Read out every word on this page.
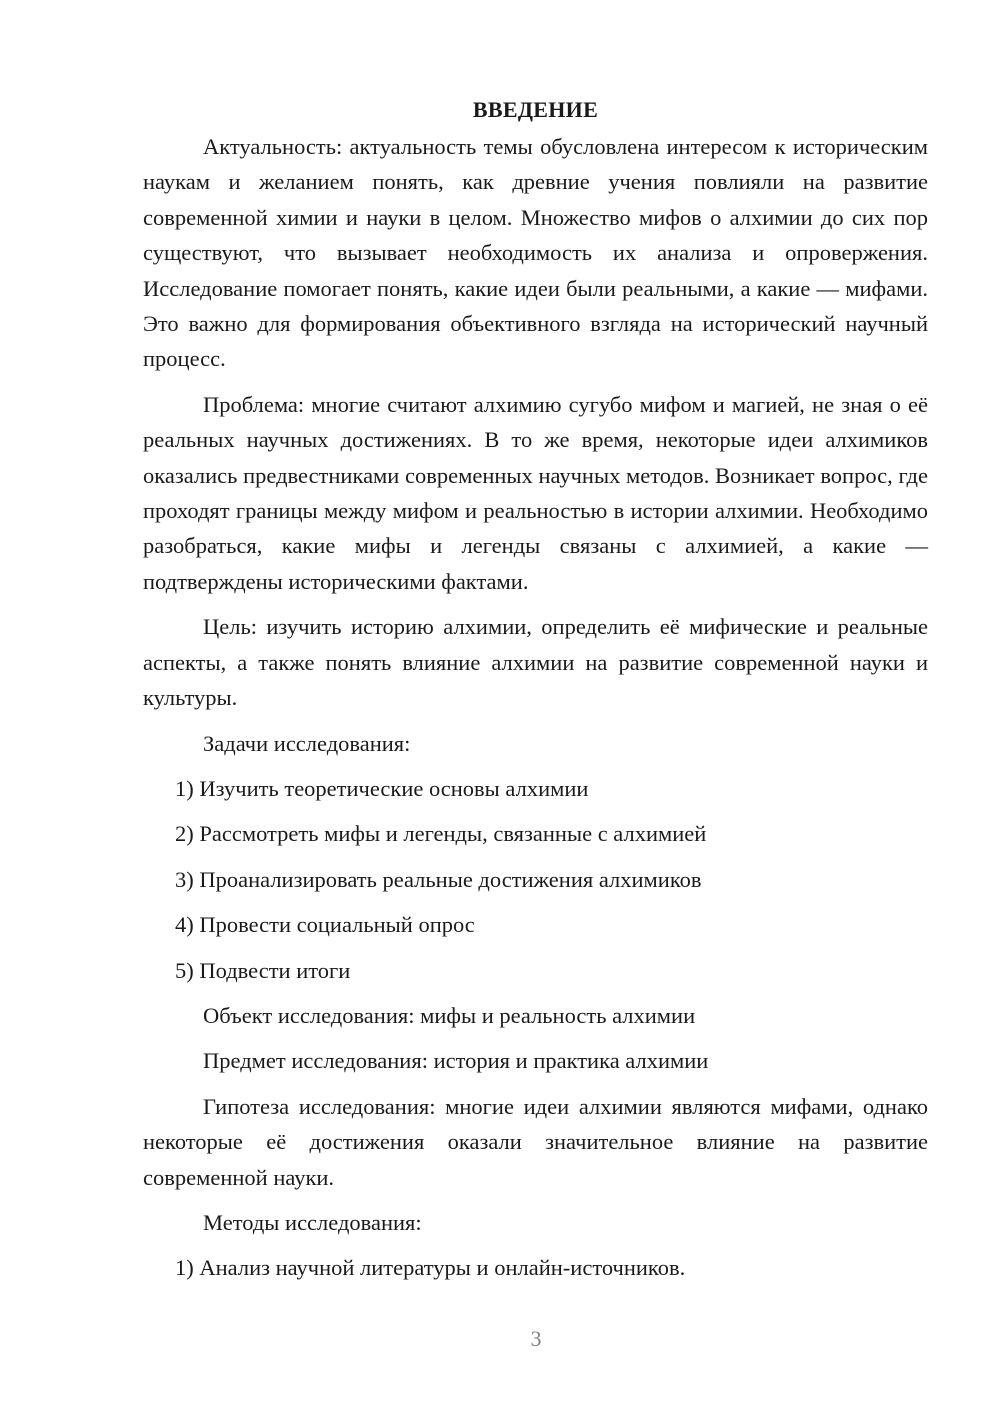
ВВЕДЕНИЕ

Актуальность: актуальность темы обусловлена интересом к историческим наукам и желанием понять, как древние учения повлияли на развитие современной химии и науки в целом. Множество мифов о алхимии до сих пор существуют, что вызывает необходимость их анализа и опровержения. Исследование помогает понять, какие идеи были реальными, а какие — мифами. Это важно для формирования объективного взгляда на исторический научный процесс.

Проблема: многие считают алхимию сугубо мифом и магией, не зная о её реальных научных достижениях. В то же время, некоторые идеи алхимиков оказались предвестниками современных научных методов. Возникает вопрос, где проходят границы между мифом и реальностью в истории алхимии. Необходимо разобраться, какие мифы и легенды связаны с алхимией, а какие — подтверждены историческими фактами.

Цель: изучить историю алхимии, определить её мифические и реальные аспекты, а также понять влияние алхимии на развитие современной науки и культуры.

Задачи исследования:
1) Изучить теоретические основы алхимии
2) Рассмотреть мифы и легенды, связанные с алхимией
3) Проанализировать реальные достижения алхимиков
4) Провести социальный опрос
5) Подвести итоги
Объект исследования: мифы и реальность алхимии
Предмет исследования: история и практика алхимии

Гипотеза исследования: многие идеи алхимии являются мифами, однако некоторые её достижения оказали значительное влияние на развитие современной науки.

Методы исследования:
1) Анализ научной литературы и онлайн-источников.
3
